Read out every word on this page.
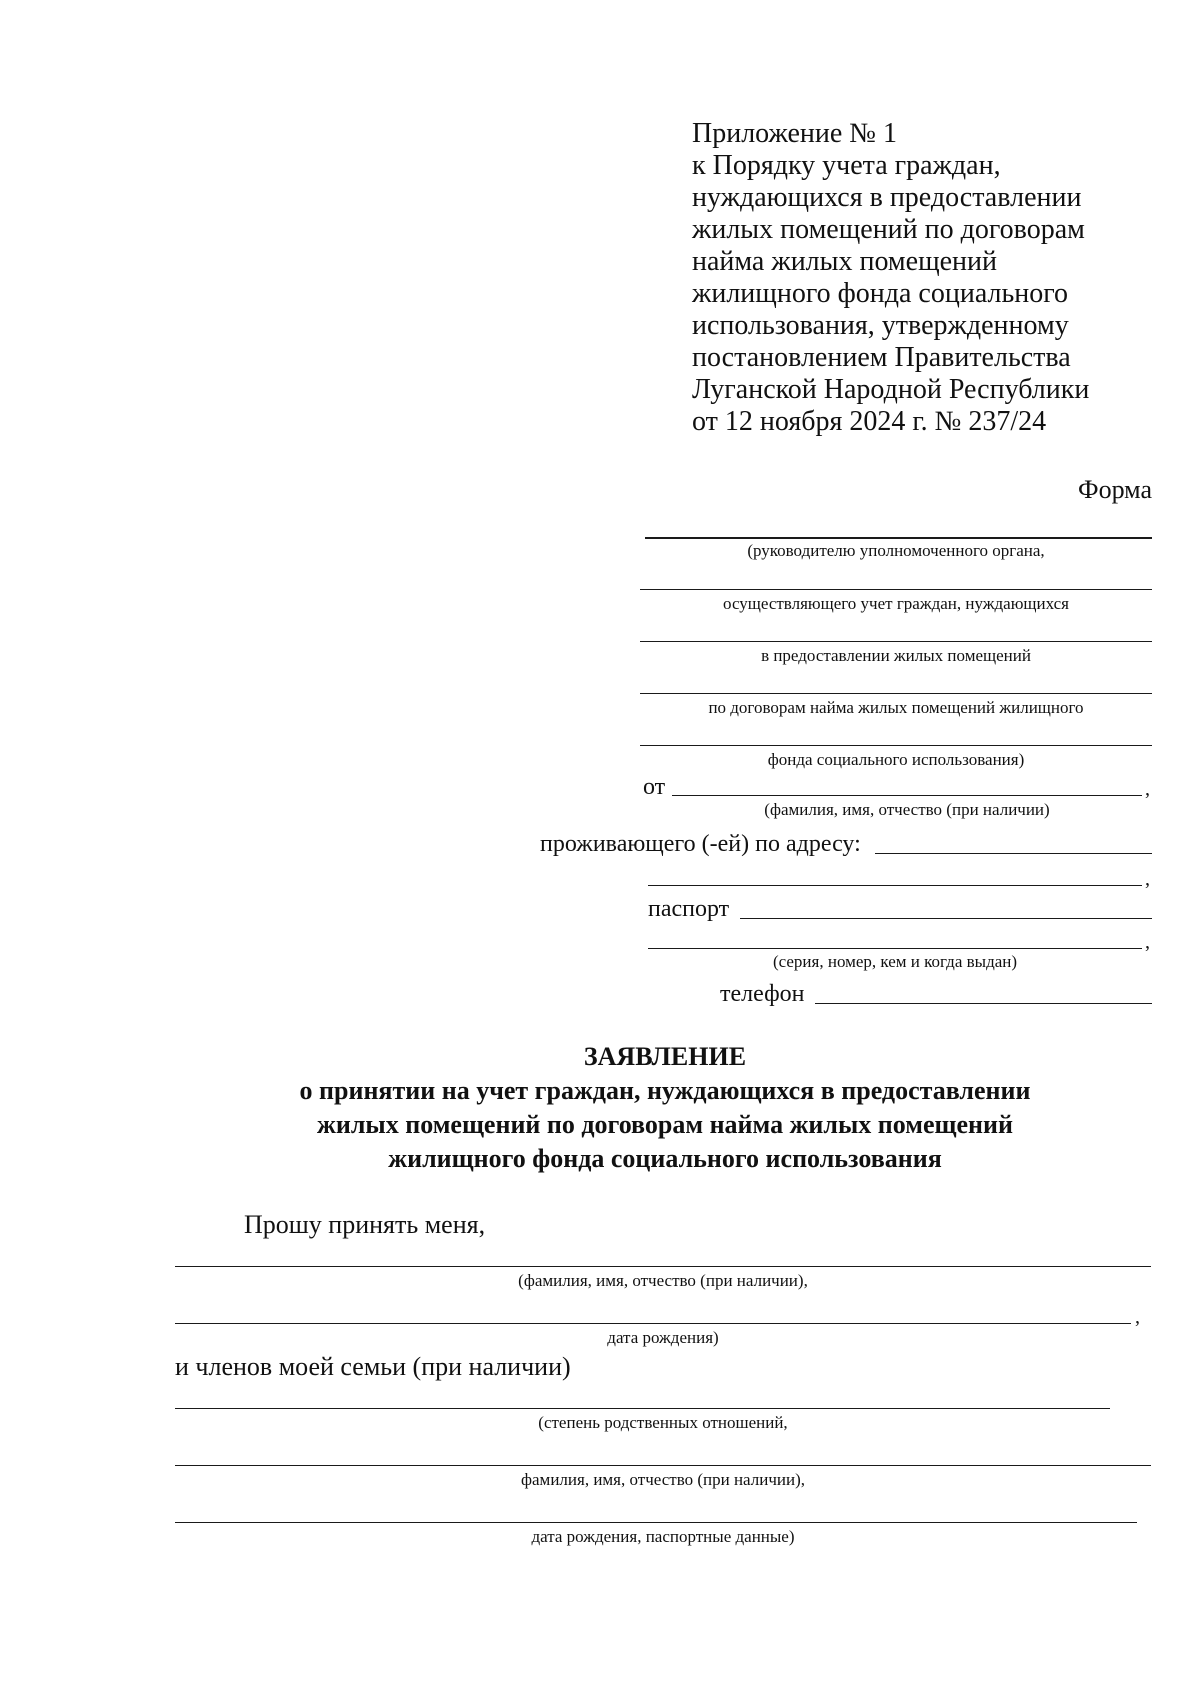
Приложение № 1
к Порядку учета граждан,
нуждающихся в предоставлении
жилых помещений по договорам
найма жилых помещений
жилищного фонда социального
использования, утвержденному
постановлением Правительства
Луганской Народной Республики
от 12 ноября 2024 г. № 237/24
Форма
(руководителю уполномоченного органа,
осуществляющего учет граждан, нуждающихся
в предоставлении жилых помещений
по договорам найма жилых помещений жилищного
фонда социального использования)
от	,
(фамилия, имя, отчество (при наличии)
проживающего (-ей) по адресу:
,
паспорт
,
(серия, номер, кем и когда выдан)
телефон
ЗАЯВЛЕНИЕ
о принятии на учет граждан, нуждающихся в предоставлении
жилых помещений по договорам найма жилых помещений
жилищного фонда социального использования
Прошу принять меня,
(фамилия, имя, отчество (при наличии),
,
дата рождения)
и членов моей семьи (при наличии)
(степень родственных отношений,
фамилия, имя, отчество (при наличии),
дата рождения, паспортные данные)
